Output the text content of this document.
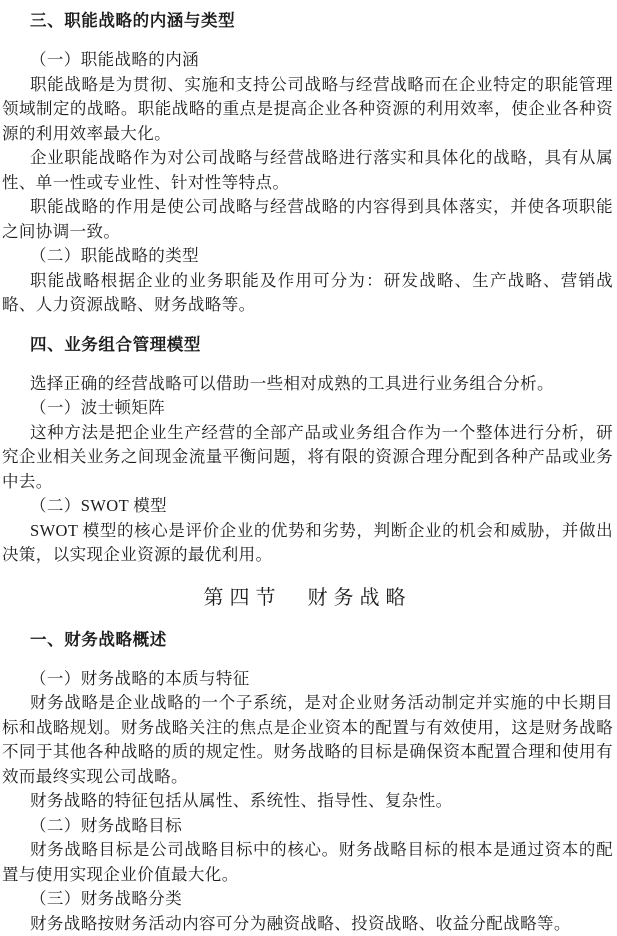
三、职能战略的内涵与类型

（一）职能战略的内涵

职能战略是为贯彻、实施和支持公司战略与经营战略而在企业特定的职能管理领域制定的战略。职能战略的重点是提高企业各种资源的利用效率，使企业各种资源的利用效率最大化。

企业职能战略作为对公司战略与经营战略进行落实和具体化的战略，具有从属性、单一性或专业性、针对性等特点。

职能战略的作用是使公司战略与经营战略的内容得到具体落实，并使各项职能之间协调一致。

（二）职能战略的类型

职能战略根据企业的业务职能及作用可分为：研发战略、生产战略、营销战略、人力资源战略、财务战略等。

四、业务组合管理模型

选择正确的经营战略可以借助一些相对成熟的工具进行业务组合分析。

（一）波士顿矩阵

这种方法是把企业生产经营的全部产品或业务组合作为一个整体进行分析，研究企业相关业务之间现金流量平衡问题，将有限的资源合理分配到各种产品或业务中去。

（二）SWOT 模型

SWOT 模型的核心是评价企业的优势和劣势，判断企业的机会和威胁，并做出决策，以实现企业资源的最优利用。

第四节　财务战略
一、财务战略概述

（一）财务战略的本质与特征

财务战略是企业战略的一个子系统，是对企业财务活动制定并实施的中长期目标和战略规划。财务战略关注的焦点是企业资本的配置与有效使用，这是财务战略不同于其他各种战略的质的规定性。财务战略的目标是确保资本配置合理和使用有效而最终实现公司战略。

财务战略的特征包括从属性、系统性、指导性、复杂性。

（二）财务战略目标

财务战略目标是公司战略目标中的核心。财务战略目标的根本是通过资本的配置与使用实现企业价值最大化。

（三）财务战略分类

财务战略按财务活动内容可分为融资战略、投资战略、收益分配战略等。
